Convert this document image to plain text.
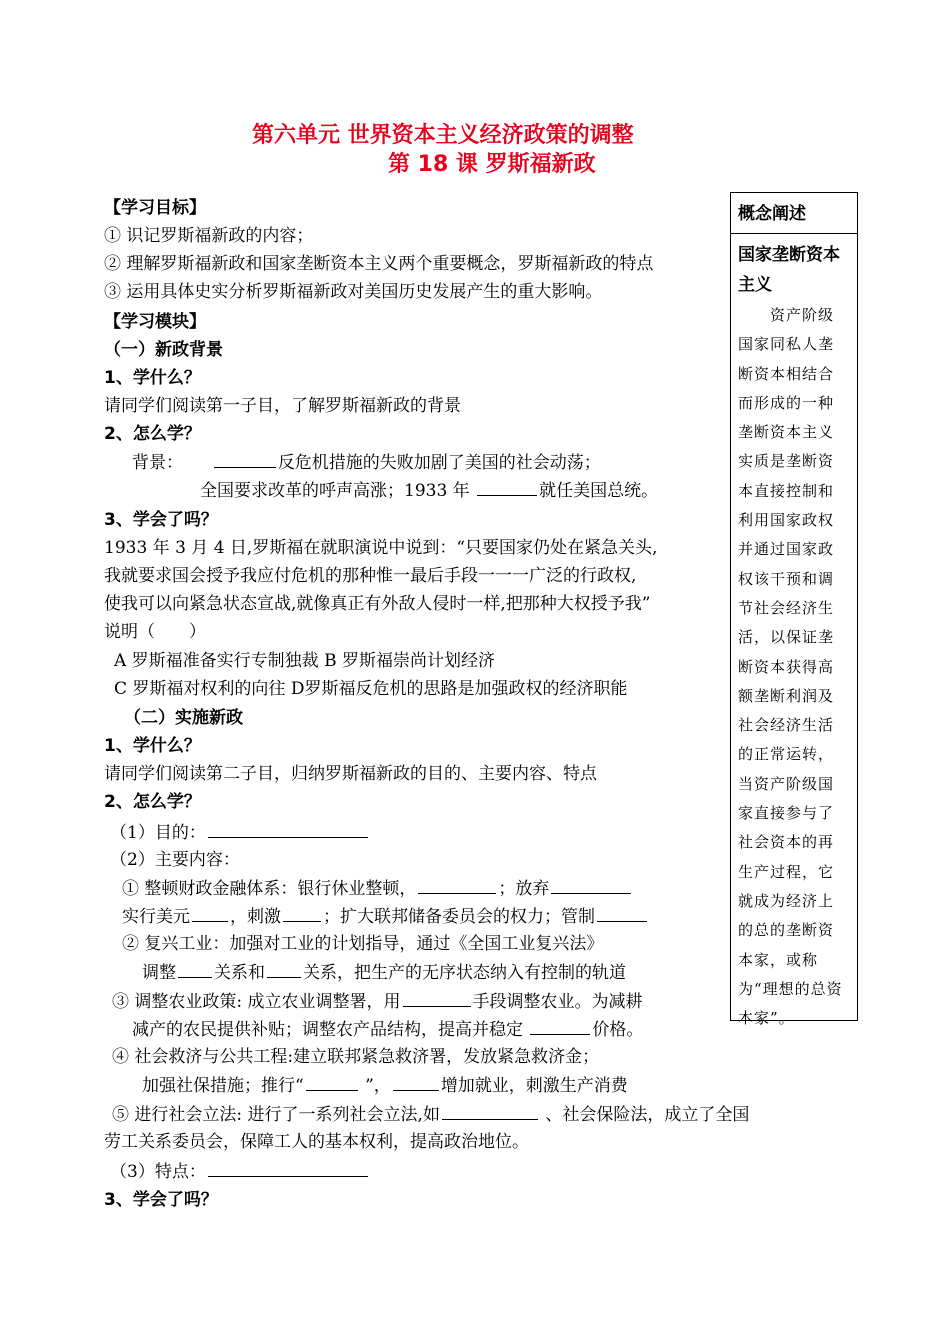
第六单元 世界资本主义经济政策的调整
第 18 课 罗斯福新政
概念阐述
国家垄断资本主义
资产阶级国家同私人垄断资本相结合而形成的一种垄断资本主义实质是垄断资本直接控制和利用国家政权并通过国家政权该干预和调节社会经济生活，以保证垄断资本获得高额垄断利润及社会经济生活的正常运转，当资产阶级国家直接参与了社会资本的再生产过程，它就成为经济上的总的垄断资本家，或称为“理想的总资本家”。
【学习目标】
① 识记罗斯福新政的内容；
② 理解罗斯福新政和国家垄断资本主义两个重要概念，罗斯福新政的特点
③ 运用具体史实分析罗斯福新政对美国历史发展产生的重大影响。
【学习模块】
（一）新政背景
1、学什么？
请同学们阅读第一子目，了解罗斯福新政的背景
2、怎么学？
背景：	反危机措施的失败加剧了美国的社会动荡；
全国要求改革的呼声高涨；1933 年	就任美国总统。
3、学会了吗？
1933 年 3 月 4 日,罗斯福在就职演说中说到：“只要国家仍处在紧急关头,
我就要求国会授予我应付危机的那种惟一最后手段一一一广泛的行政权,
使我可以向紧急状态宣战,就像真正有外敌人侵时一样,把那种大权授予我”
说明（　　）
A 罗斯福准备实行专制独裁 B 罗斯福崇尚计划经济
C 罗斯福对权利的向往 D罗斯福反危机的思路是加强政权的经济职能
（二）实施新政
1、学什么？
请同学们阅读第二子目，归纳罗斯福新政的目的、主要内容、特点
2、怎么学？
（1）目的：
（2）主要内容：
① 整顿财政金融体系：银行休业整顿，	；放弃
实行美元 ，刺激 ；扩大联邦储备委员会的权力；管制
② 复兴工业：加强对工业的计划指导，通过《全国工业复兴法》
调整 关系和 关系，把生产的无序状态纳入有控制的轨道
③ 调整农业政策: 成立农业调整署，用	手段调整农业。为减耕
减产的农民提供补贴；调整农产品结构，提高并稳定	价格。
④ 社会救济与公共工程:建立联邦紧急救济署，发放紧急救济金；
加强社保措施；推行“	”，	增加就业，刺激生产消费
⑤ 进行社会立法: 进行了一系列社会立法,如	、社会保险法，成立了全国
劳工关系委员会，保障工人的基本权利，提高政治地位。
（3）特点：
3、学会了吗？
